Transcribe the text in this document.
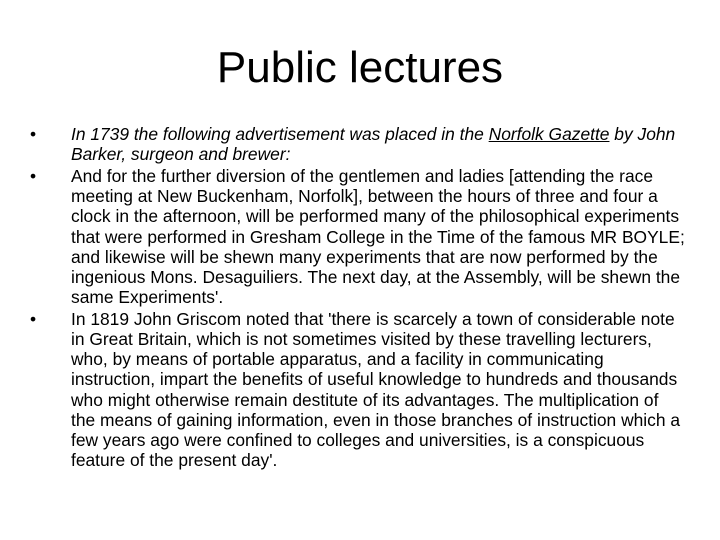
Public lectures
• In 1739 the following advertisement was placed in the Norfolk Gazette by John Barker, surgeon and brewer:
• And for the further diversion of the gentlemen and ladies [attending the race meeting at New Buckenham, Norfolk], between the hours of three and four a clock in the afternoon, will be performed many of the philosophical experiments that were performed in Gresham College in the Time of the famous MR BOYLE; and likewise will be shewn many experiments that are now performed by the ingenious Mons. Desaguiliers. The next day, at the Assembly, will be shewn the same Experiments'.
• In 1819 John Griscom noted that 'there is scarcely a town of considerable note in Great Britain, which is not sometimes visited by these travelling lecturers, who, by means of portable apparatus, and a facility in communicating instruction, impart the benefits of useful knowledge to hundreds and thousands who might otherwise remain destitute of its advantages. The multiplication of the means of gaining information, even in those branches of instruction which a few years ago were confined to colleges and universities, is a conspicuous feature of the present day'.
